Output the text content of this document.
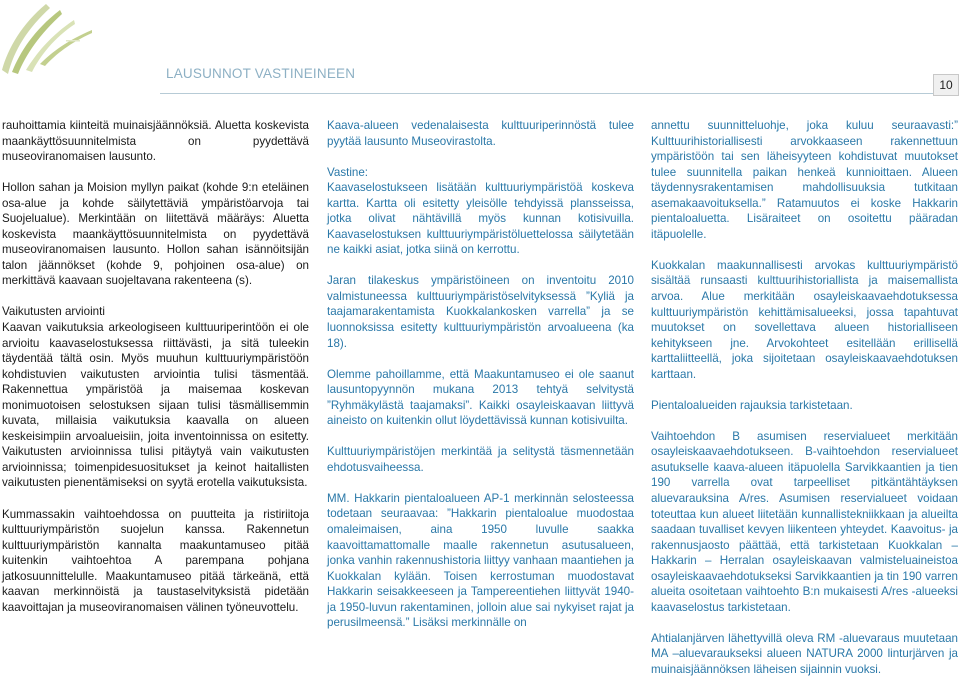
LAUSUNNOT VASTINEINEEN
10

rauhoittamia kiinteitä muinaisjäännöksiä. Aluetta koskevista maankäyttösuunnitelmista on pyydettävä museoviranomaisen lausunto.

Hollon sahan ja Moision myllyn paikat (kohde 9:n eteläinen osa-alue ja kohde säilytettäviä ympäristöarvoja tai Suojelualue). Merkintään on liitettävä määräys: Aluetta koskevista maankäyttösuunnitelmista on pyydettävä museoviranomaisen lausunto. Hollon sahan isännöitsijän talon jäännökset (kohde 9, pohjoinen osa-alue) on merkittävä kaavaan suojeltavana rakenteena (s).

Vaikutusten arviointi
Kaavan vaikutuksia arkeologiseen kulttuuriperintöön ei ole arvioitu kaavaselostuksessa riittävästi, ja sitä tuleekin täydentää tältä osin. Myös muuhun kulttuuriympäristöön kohdistuvien vaikutusten arviointia tulisi täsmentää. Rakennettua ympäristöä ja maisemaa koskevan monimuotoisen selostuksen sijaan tulisi täsmällisemmin kuvata, millaisia vaikutuksia kaavalla on alueen keskeisimpiin arvoalueisiin, joita inventoinnissa on esitetty. Vaikutusten arvioinnissa tulisi pitäytyä vain vaikutusten arvioinnissa; toimenpidesuositukset ja keinot haitallisten vaikutusten pienentämiseksi on syytä erotella vaikutuksista.

Kummassakin vaihtoehdossa on puutteita ja ristiriitoja kulttuuriympäristön suojelun kanssa. Rakennetun kulttuuriympäristön kannalta maakuntamuseo pitää kuitenkin vaihtoehtoa A parempana pohjana jatkosuunnittelulle. Maakuntamuseo pitää tärkeänä, että kaavan merkinnöistä ja taustaselvityksistä pidetään kaavoittajan ja museoviranomaisen välinen työneuvottelu.

Kaava-alueen vedenalaisesta kulttuuriperinnöstä tulee pyytää lausunto Museovirastolta.

Vastine:
Kaavaselostukseen lisätään kulttuuriympäristöä koskeva kartta. Kartta oli esitetty yleisölle tehdyissä plansseissa, jotka olivat nähtävillä myös kunnan kotisivuilla. Kaavaselostuksen kulttuuriympäristöluettelossa säilytetään ne kaikki asiat, jotka siinä on kerrottu.

Jaran tilakeskus ympäristöineen on inventoitu 2010 valmistuneessa kulttuuriympäristöselvityksessä ”Kyliä ja taajamarakentamista Kuokkalankosken varrella” ja se luonnoksissa esitetty kulttuuriympäristön arvoalueena (ka 18).

Olemme pahoillamme, että Maakuntamuseo ei ole saanut lausuntopyynnön mukana 2013 tehtyä selvitystä ”Ryhmäkylästä taajamaksi”. Kaikki osayleiskaavan liittyvä aineisto on kuitenkin ollut löydettävissä kunnan kotisivuilta.

Kulttuuriympäristöjen merkintää ja selitystä täsmennetään ehdotusvaiheessa.

MM. Hakkarin pientaloalueen AP-1 merkinnän selosteessa todetaan seuraavaa: ”Hakkarin pientaloalue muodostaa omaleimaisen, aina 1950 luvulle saakka kaavoittamattomalle maalle rakennetun asutusalueen, jonka vanhin rakennushistoria liittyy vanhaan maantiehen ja Kuokkalan kylään. Toisen kerrostuman muodostavat Hakkarin seisakkeeseen ja Tampereentiehen liittyvät 1940- ja 1950-luvun rakentaminen, jolloin alue sai nykyiset rajat ja perusilmeensä.” Lisäksi merkinnälle on

annettu suunnitteluohje, joka kuluu seuraavasti:” Kulttuurihistoriallisesti arvokkaaseen rakennettuun ympäristöön tai sen läheisyyteen kohdistuvat muutokset tulee suunnitella paikan henkeä kunnioittaen. Alueen täydennysrakentamisen mahdollisuuksia tutkitaan asemakaavoituksella.” Ratamuutos ei koske Hakkarin pientaloaluetta. Lisäraiteet on osoitettu pääradan itäpuolelle.

Kuokkalan maakunnallisesti arvokas kulttuuriympäristö sisältää runsaasti kulttuurihistoriallista ja maisemallista arvoa. Alue merkitään osayleiskaavaehdotuksessa kulttuuriympäristön kehittämisalueeksi, jossa tapahtuvat muutokset on sovellettava alueen historialliseen kehitykseen jne. Arvokohteet esitellään erillisellä karttaliitteellä, joka sijoitetaan osayleiskaavaehdotuksen karttaan.

Pientaloalueiden rajauksia tarkistetaan.

Vaihtoehdon B asumisen reservialueet merkitään osayleiskaavaehdotukseen. B-vaihtoehdon reservialueet asutukselle kaava-alueen itäpuolella Sarvikkaantien ja tien 190 varrella ovat tarpeelliset pitkäntähtäyksen aluevarauksina A/res. Asumisen reservialueet voidaan toteuttaa kun alueet liitetään kunnallistekniikkaan ja alueilta saadaan tuvalliset kevyen liikenteen yhteydet. Kaavoitus- ja rakennusjaosto päättää, että tarkistetaan Kuokkalan – Hakkarin – Herralan osayleiskaavan valmisteluaineistoa osayleiskaavaehdotukseksi Sarvikkaantien ja tin 190 varren alueita osoitetaan vaihtoehto B:n mukaisesti A/res -alueeksi kaavaselostus tarkistetaan.

Ahtialanjärven lähettyvillä oleva RM -aluevaraus muutetaan MA –aluevaraukseksi alueen NATURA 2000 linturjärven ja muinaisjäännöksen läheisen sijainnin vuoksi.
